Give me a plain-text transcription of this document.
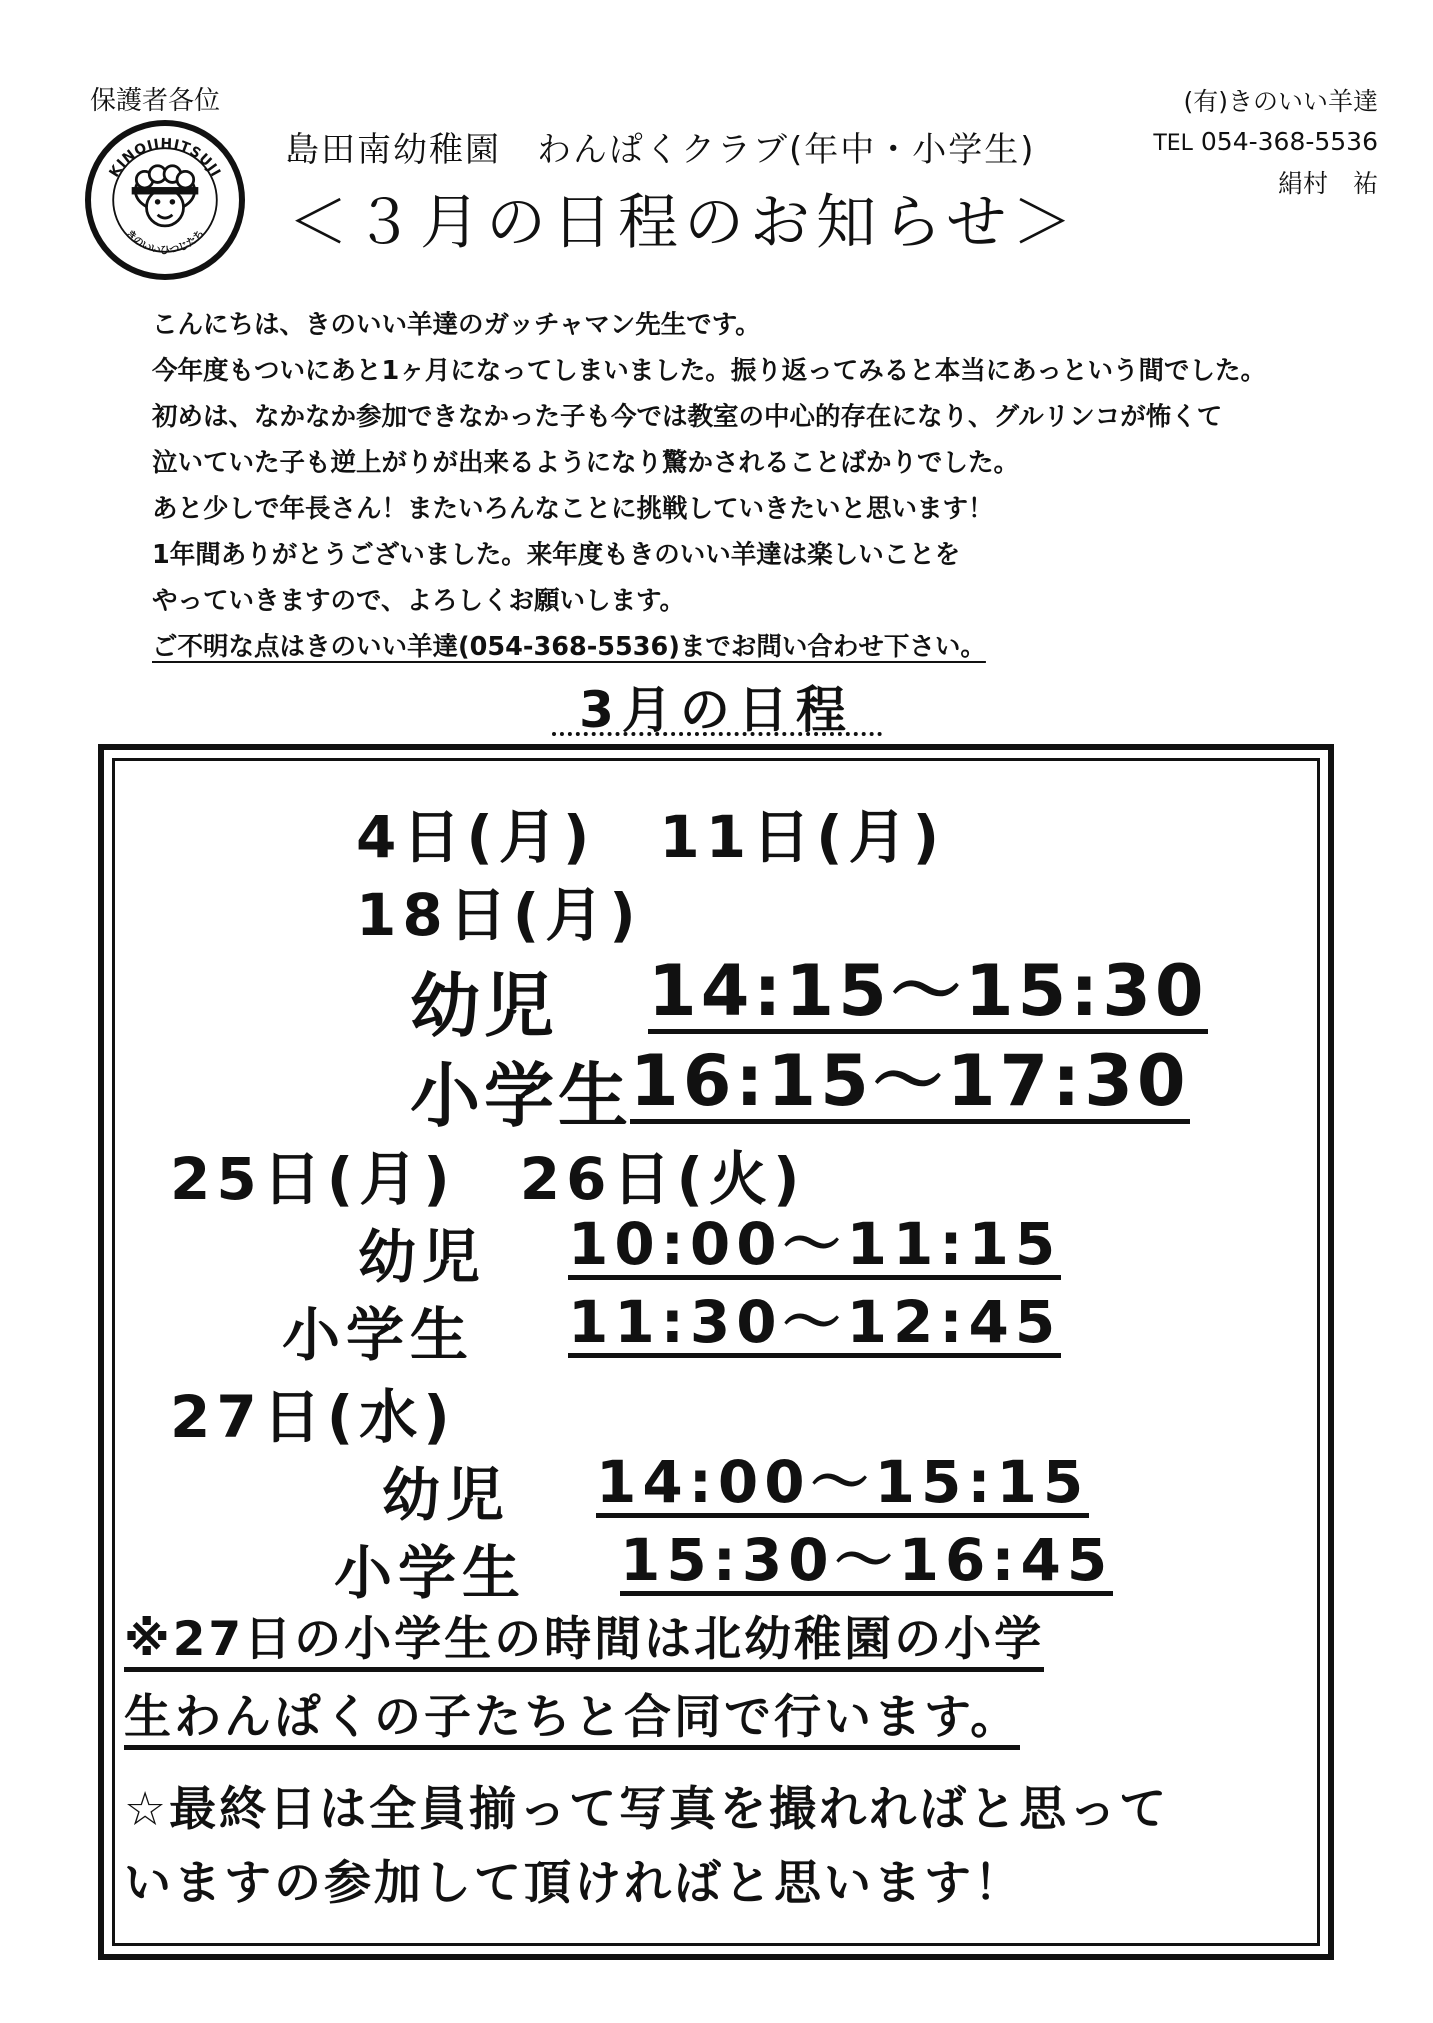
保護者各位
KINOIIHITSUJI
きのいいひつじたち
島田南幼稚園　わんぱくクラブ(年中・小学生)
＜３月の日程のお知らせ＞
(有)きのいい羊達
TEL 054-368-5536
絹村　祐

こんにちは、きのいい羊達のガッチャマン先生です。

今年度もついにあと1ヶ月になってしまいました。振り返ってみると本当にあっという間でした。

初めは、なかなか参加できなかった子も今では教室の中心的存在になり、グルリンコが怖くて

泣いていた子も逆上がりが出来るようになり驚かされることばかりでした。

あと少しで年長さん！またいろんなことに挑戦していきたいと思います！

1年間ありがとうございました。来年度もきのいい羊達は楽しいことを

やっていきますので、よろしくお願いします。

ご不明な点はきのいい羊達(054-368-5536)までお問い合わせ下さい。

3月の日程
4日(月)　11日(月)
18日(月)
幼児 14:15～15:30
小学生
16:15～17:30
25日(月)　26日(火)
幼児 10:00～11:15
小学生 11:30～12:45
27日(水)
幼児 14:00～15:15
小学生 15:30～16:45
※27日の小学生の時間は北幼稚園の小学
生わんぱくの子たちと合同で行います。
☆最終日は全員揃って写真を撮れればと思って
いますの参加して頂ければと思います！
